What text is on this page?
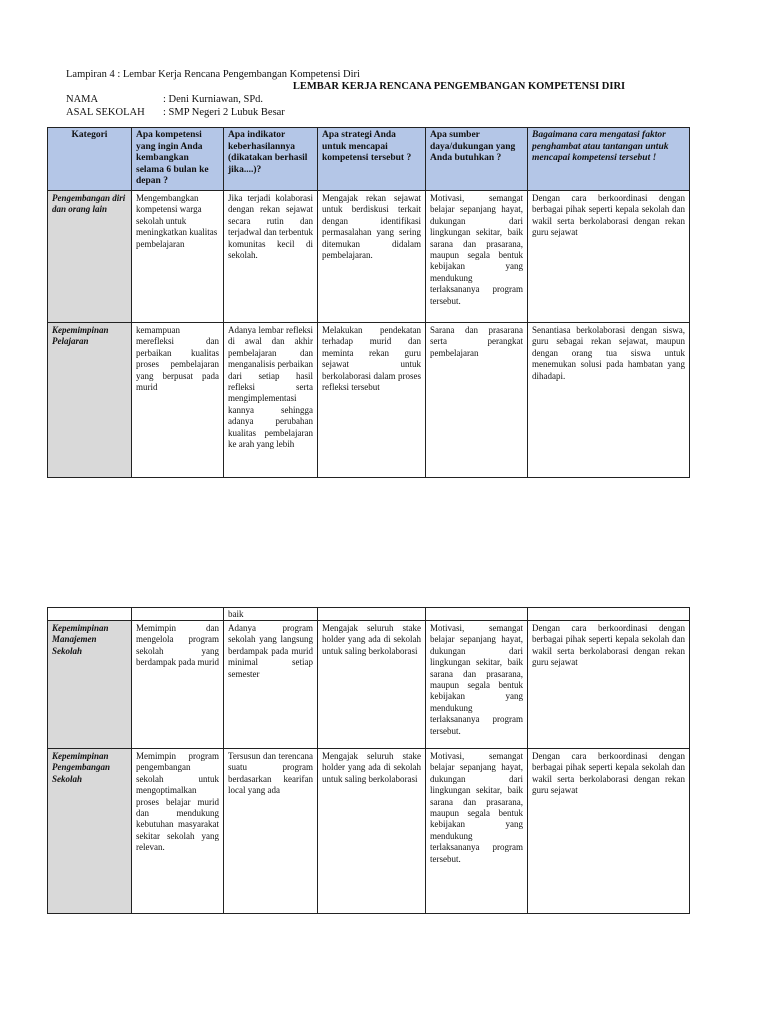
Lampiran 4 : Lembar Kerja Rencana Pengembangan Kompetensi Diri
LEMBAR KERJA RENCANA PENGEMBANGAN KOMPETENSI DIRI
NAMA	: Deni Kurniawan, SPd.
ASAL SEKOLAH : SMP Negeri 2 Lubuk Besar
Kategori	Apa kompetensi yang ingin Anda kembangkan selama 6 bulan ke depan ?	Apa indikator keberhasilannya (dikatakan berhasil jika....)?	Apa strategi Anda untuk mencapai kompetensi tersebut ?	Apa sumber daya/dukungan yang Anda butuhkan ?	Bagaimana cara mengatasi faktor penghambat atau tantangan untuk mencapai kompetensi tersebut !
Pengembangan diri dan orang lain	Mengembangkan kompetensi warga sekolah untuk meningkatkan kualitas pembelajaran	Jika terjadi kolaborasi dengan rekan sejawat secara rutin dan terjadwal dan terbentuk komunitas kecil di sekolah.	Mengajak rekan sejawat untuk berdiskusi terkait dengan identifikasi permasalahan yang sering ditemukan didalam pembelajaran.	Motivasi, semangat belajar sepanjang hayat, dukungan dari lingkungan sekitar, baik sarana dan prasarana, maupun segala bentuk kebijakan yang mendukung terlaksananya program tersebut.	Dengan cara berkoordinasi dengan berbagai pihak seperti kepala sekolah dan wakil serta berkolaborasi dengan rekan guru sejawat
Kepemimpinan Pelajaran	kemampuan merefleksi dan perbaikan kualitas proses pembelajaran yang berpusat pada murid	Adanya lembar refleksi di awal dan akhir pembelajaran dan menganalisis perbaikan dari setiap hasil refleksi serta mengimplementasi kannya sehingga adanya perubahan kualitas pembelajaran ke arah yang lebih	Melakukan pendekatan terhadap murid dan meminta rekan guru sejawat untuk berkolaborasi dalam proses refleksi tersebut	Sarana dan prasarana serta perangkat pembelajaran	Senantiasa berkolaborasi dengan siswa, guru sebagai rekan sejawat, maupun dengan orang tua siswa untuk menemukan solusi pada hambatan yang dihadapi.
		baik			
Kepemimpinan Manajemen Sekolah	Memimpin dan mengelola program sekolah yang berdampak pada murid	Adanya program sekolah yang langsung berdampak pada murid minimal setiap semester	Mengajak seluruh stake holder yang ada di sekolah untuk saling berkolaborasi	Motivasi, semangat belajar sepanjang hayat, dukungan dari lingkungan sekitar, baik sarana dan prasarana, maupun segala bentuk kebijakan yang mendukung terlaksananya program tersebut.	Dengan cara berkoordinasi dengan berbagai pihak seperti kepala sekolah dan wakil serta berkolaborasi dengan rekan guru sejawat
Kepemimpinan Pengembangan Sekolah	Memimpin program pengembangan sekolah untuk mengoptimalkan proses belajar murid dan mendukung kebutuhan masyarakat sekitar sekolah yang relevan.	Tersusun dan terencana suatu program berdasarkan kearifan local yang ada	Mengajak seluruh stake holder yang ada di sekolah untuk saling berkolaborasi	Motivasi, semangat belajar sepanjang hayat, dukungan dari lingkungan sekitar, baik sarana dan prasarana, maupun segala bentuk kebijakan yang mendukung terlaksananya program tersebut.	Dengan cara berkoordinasi dengan berbagai pihak seperti kepala sekolah dan wakil serta berkolaborasi dengan rekan guru sejawat
